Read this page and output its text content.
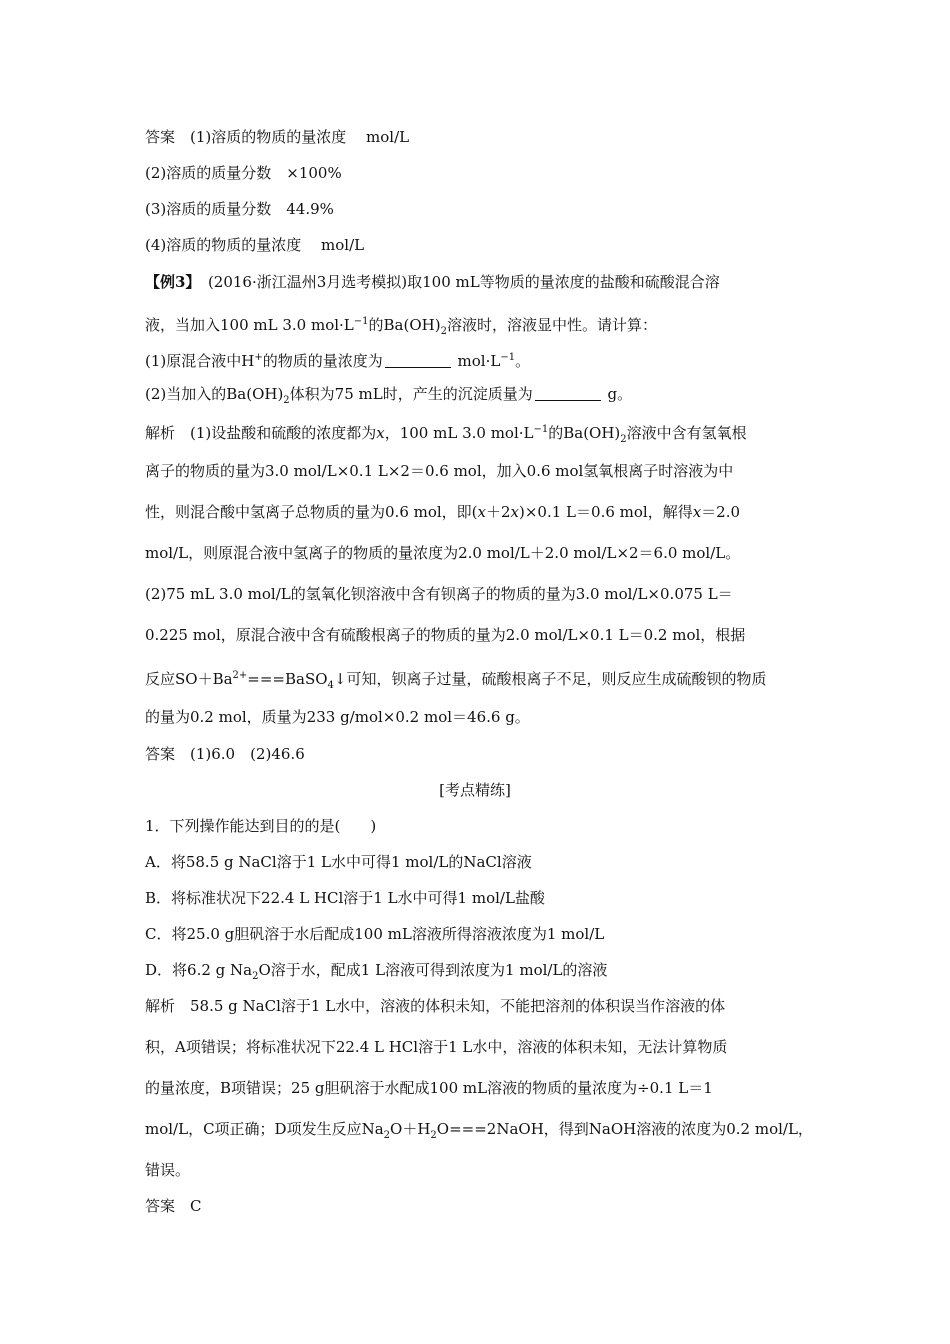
答案　(1)溶质的物质的量浓度　 mol/L
(2)溶质的质量分数　×100%
(3)溶质的质量分数　44.9%
(4)溶质的物质的量浓度　 mol/L
【例3】　(2016·浙江温州3月选考模拟)取100 mL等物质的量浓度的盐酸和硫酸混合溶
液，当加入100 mL 3.0 $mol\cdot L^{-1}$的$Ba(OH)_2$溶液时，溶液显中性。请计算：
(1)原混合液中H+的物质的量浓度为	$mol\cdot L^{-1}$。
(2)当加入的$Ba(OH)_2$体积为75 mL时，产生的沉淀质量为	g。
解析　(1)设盐酸和硫酸的浓度都为x，100 mL 3.0 $mol\cdot L^{-1}$的$Ba(OH)_2$溶液中含有氢氧根
离子的物质的量为3.0 mol/L×0.1 L×2＝0.6 mol，加入0.6 mol氢氧根离子时溶液为中
性，则混合酸中氢离子总物质的量为0.6 mol，即(x＋2x)×0.1 L＝0.6 mol，解得x＝2.0
mol/L，则原混合液中氢离子的物质的量浓度为2.0 mol/L＋2.0 mol/L×2＝6.0 mol/L。
(2)75 mL 3.0 mol/L的氢氧化钡溶液中含有钡离子的物质的量为3.0 mol/L×0.075 L＝
0.225 mol，原混合液中含有硫酸根离子的物质的量为2.0 mol/L×0.1 L＝0.2 mol，根据
反应$SO+Ba^{2+}===BaSO_4↓$可知，钡离子过量，硫酸根离子不足，则反应生成硫酸钡的物质
的量为0.2 mol，质量为233 g/mol×0.2 mol＝46.6 g。
答案　(1)6.0　(2)46.6
[考点精练]
1．下列操作能达到目的的是(　　)
A．将58.5 g NaCl溶于1 L水中可得1 mol/L的NaCl溶液
B．将标准状况下22.4 L HCl溶于1 L水中可得1 mol/L盐酸
C．将25.0 g胆矾溶于水后配成100 mL溶液所得溶液浓度为1 mol/L
D．将6.2 g $Na_2O$溶于水，配成1 L溶液可得到浓度为1 mol/L的溶液
解析　58.5 g NaCl溶于1 L水中，溶液的体积未知，不能把溶剂的体积误当作溶液的体
积，A项错误；将标准状况下22.4 L HCl溶于1 L水中，溶液的体积未知，无法计算物质
的量浓度，B项错误；25 g胆矾溶于水配成100 mL溶液的物质的量浓度为÷0.1 L＝1
mol/L，C项正确；D项发生反应$Na_2O+H_2O===2NaOH$，得到NaOH溶液的浓度为0.2 mol/L，
错误。
答案　C
